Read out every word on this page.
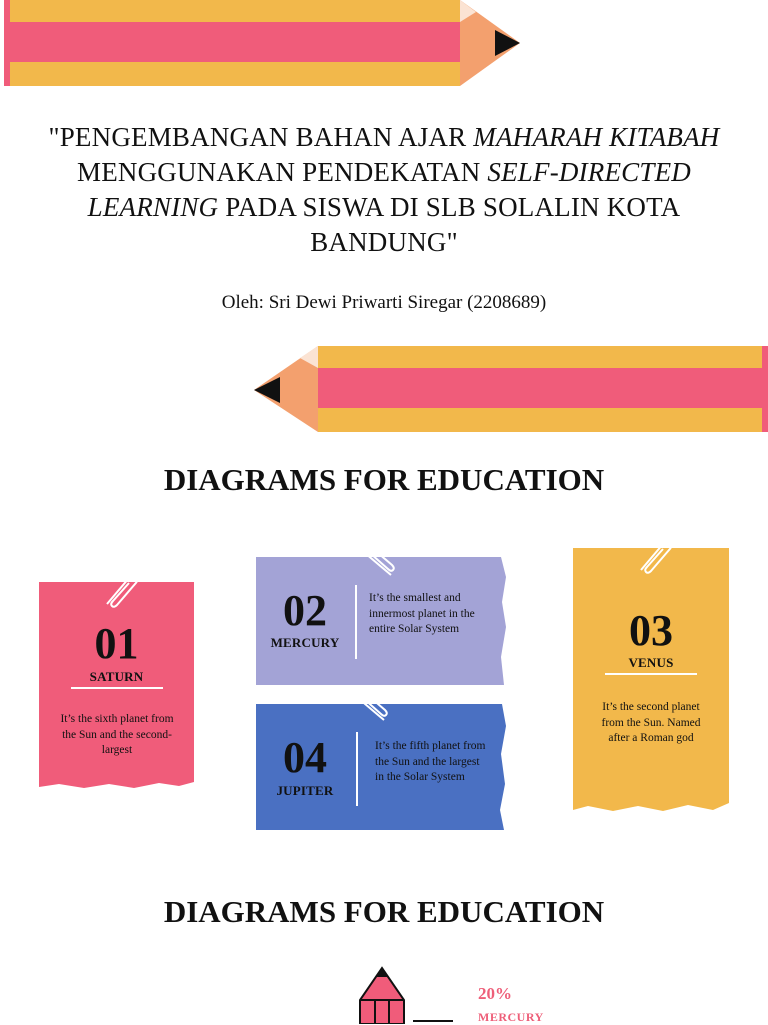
"PENGEMBANGAN BAHAN AJAR MAHARAH KITABAH MENGGUNAKAN PENDEKATAN SELF-DIRECTED LEARNING PADA SISWA DI SLB SOLALIN KOTA BANDUNG"
Oleh: Sri Dewi Priwarti Siregar (2208689)
DIAGRAMS FOR EDUCATION
01
SATURN
It’s the sixth planet from the Sun and the second-largest
02
MERCURY
It’s the smallest and innermost planet in the entire Solar System
04
JUPITER
It’s the fifth planet from the Sun and the largest in the Solar System
03
VENUS
It’s the second planet from the Sun. Named after a Roman god
DIAGRAMS FOR EDUCATION
20%
MERCURY
